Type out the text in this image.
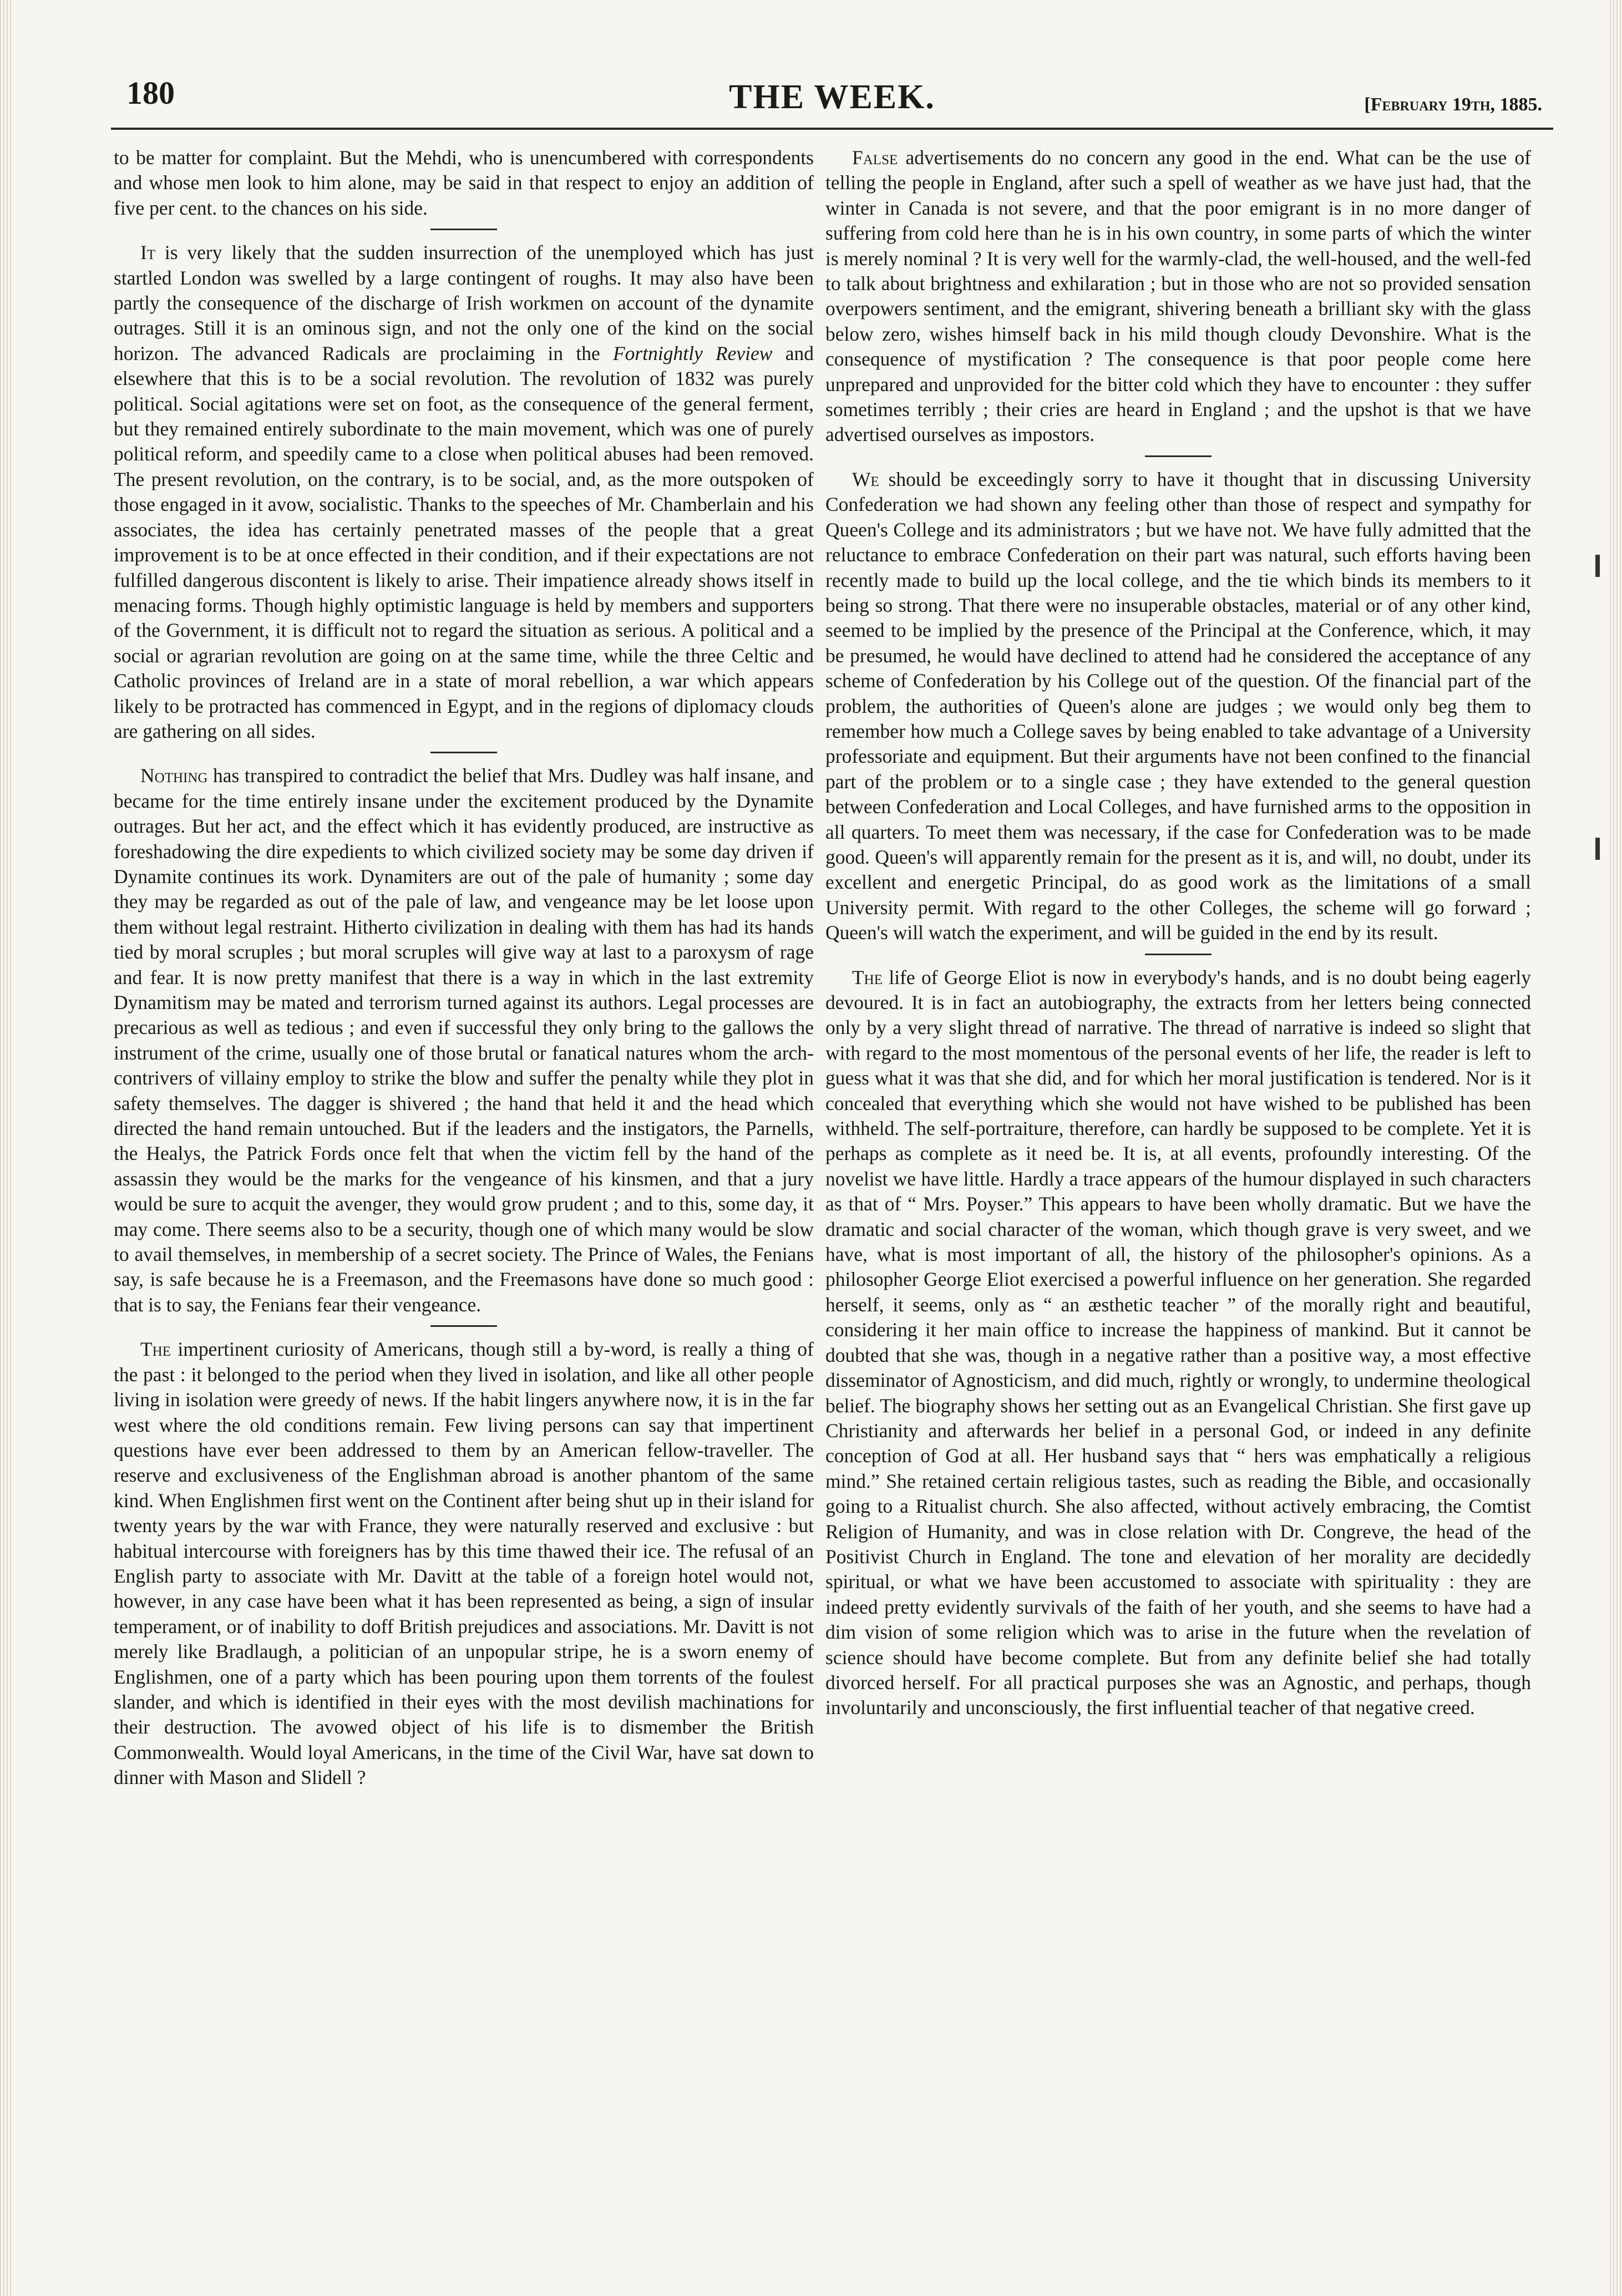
180	THE WEEK.	[February 19th, 1885.

to be matter for complaint. But the Mehdi, who is unencumbered with correspondents and whose men look to him alone, may be said in that respect to enjoy an addition of five per cent. to the chances on his side.

It is very likely that the sudden insurrection of the unemployed which has just startled London was swelled by a large contingent of roughs. It may also have been partly the consequence of the discharge of Irish workmen on account of the dynamite outrages. Still it is an ominous sign, and not the only one of the kind on the social horizon. The advanced Radicals are proclaiming in the Fortnightly Review and elsewhere that this is to be a social revolution. The revolution of 1832 was purely political. Social agitations were set on foot, as the consequence of the general ferment, but they remained entirely subordinate to the main movement, which was one of purely political reform, and speedily came to a close when political abuses had been removed. The present revolution, on the contrary, is to be social, and, as the more outspoken of those engaged in it avow, socialistic. Thanks to the speeches of Mr. Chamberlain and his associates, the idea has certainly penetrated masses of the people that a great improvement is to be at once effected in their condition, and if their expectations are not fulfilled dangerous discontent is likely to arise. Their impatience already shows itself in menacing forms. Though highly optimistic language is held by members and supporters of the Government, it is difficult not to regard the situation as serious. A political and a social or agrarian revolution are going on at the same time, while the three Celtic and Catholic provinces of Ireland are in a state of moral rebellion, a war which appears likely to be protracted has commenced in Egypt, and in the regions of diplomacy clouds are gathering on all sides.

Nothing has transpired to contradict the belief that Mrs. Dudley was half insane, and became for the time entirely insane under the excitement produced by the Dynamite outrages. But her act, and the effect which it has evidently produced, are instructive as foreshadowing the dire expedients to which civilized society may be some day driven if Dynamite continues its work. Dynamiters are out of the pale of humanity ; some day they may be regarded as out of the pale of law, and vengeance may be let loose upon them without legal restraint. Hitherto civilization in dealing with them has had its hands tied by moral scruples ; but moral scruples will give way at last to a paroxysm of rage and fear. It is now pretty manifest that there is a way in which in the last extremity Dynamitism may be mated and terrorism turned against its authors. Legal processes are precarious as well as tedious ; and even if successful they only bring to the gallows the instrument of the crime, usually one of those brutal or fanatical natures whom the arch-contrivers of villainy employ to strike the blow and suffer the penalty while they plot in safety themselves. The dagger is shivered ; the hand that held it and the head which directed the hand remain untouched. But if the leaders and the instigators, the Parnells, the Healys, the Patrick Fords once felt that when the victim fell by the hand of the assassin they would be the marks for the vengeance of his kinsmen, and that a jury would be sure to acquit the avenger, they would grow prudent ; and to this, some day, it may come. There seems also to be a security, though one of which many would be slow to avail themselves, in membership of a secret society. The Prince of Wales, the Fenians say, is safe because he is a Freemason, and the Freemasons have done so much good : that is to say, the Fenians fear their vengeance.

The impertinent curiosity of Americans, though still a by-word, is really a thing of the past : it belonged to the period when they lived in isolation, and like all other people living in isolation were greedy of news. If the habit lingers anywhere now, it is in the far west where the old conditions remain. Few living persons can say that impertinent questions have ever been addressed to them by an American fellow-traveller. The reserve and exclusiveness of the Englishman abroad is another phantom of the same kind. When Englishmen first went on the Continent after being shut up in their island for twenty years by the war with France, they were naturally reserved and exclusive : but habitual intercourse with foreigners has by this time thawed their ice. The refusal of an English party to associate with Mr. Davitt at the table of a foreign hotel would not, however, in any case have been what it has been represented as being, a sign of insular temperament, or of inability to doff British prejudices and associations. Mr. Davitt is not merely like Bradlaugh, a politician of an unpopular stripe, he is a sworn enemy of Englishmen, one of a party which has been pouring upon them torrents of the foulest slander, and which is identified in their eyes with the most devilish machinations for their destruction. The avowed object of his life is to dismember the British Commonwealth. Would loyal Americans, in the time of the Civil War, have sat down to dinner with Mason and Slidell ?

False advertisements do no concern any good in the end. What can be the use of telling the people in England, after such a spell of weather as we have just had, that the winter in Canada is not severe, and that the poor emigrant is in no more danger of suffering from cold here than he is in his own country, in some parts of which the winter is merely nominal ? It is very well for the warmly-clad, the well-housed, and the well-fed to talk about brightness and exhilaration ; but in those who are not so provided sensation overpowers sentiment, and the emigrant, shivering beneath a brilliant sky with the glass below zero, wishes himself back in his mild though cloudy Devonshire. What is the consequence of mystification ? The consequence is that poor people come here unprepared and unprovided for the bitter cold which they have to encounter : they suffer sometimes terribly ; their cries are heard in England ; and the upshot is that we have advertised ourselves as impostors.

We should be exceedingly sorry to have it thought that in discussing University Confederation we had shown any feeling other than those of respect and sympathy for Queen's College and its administrators ; but we have not. We have fully admitted that the reluctance to embrace Confederation on their part was natural, such efforts having been recently made to build up the local college, and the tie which binds its members to it being so strong. That there were no insuperable obstacles, material or of any other kind, seemed to be implied by the presence of the Principal at the Conference, which, it may be presumed, he would have declined to attend had he considered the acceptance of any scheme of Confederation by his College out of the question. Of the financial part of the problem, the authorities of Queen's alone are judges ; we would only beg them to remember how much a College saves by being enabled to take advantage of a University professoriate and equipment. But their arguments have not been confined to the financial part of the problem or to a single case ; they have extended to the general question between Confederation and Local Colleges, and have furnished arms to the opposition in all quarters. To meet them was necessary, if the case for Confederation was to be made good. Queen's will apparently remain for the present as it is, and will, no doubt, under its excellent and energetic Principal, do as good work as the limitations of a small University permit. With regard to the other Colleges, the scheme will go forward ; Queen's will watch the experiment, and will be guided in the end by its result.

The life of George Eliot is now in everybody's hands, and is no doubt being eagerly devoured. It is in fact an autobiography, the extracts from her letters being connected only by a very slight thread of narrative. The thread of narrative is indeed so slight that with regard to the most momentous of the personal events of her life, the reader is left to guess what it was that she did, and for which her moral justification is tendered. Nor is it concealed that everything which she would not have wished to be published has been withheld. The self-portraiture, therefore, can hardly be supposed to be complete. Yet it is perhaps as complete as it need be. It is, at all events, profoundly interesting. Of the novelist we have little. Hardly a trace appears of the humour displayed in such characters as that of “ Mrs. Poyser.” This appears to have been wholly dramatic. But we have the dramatic and social character of the woman, which though grave is very sweet, and we have, what is most important of all, the history of the philosopher's opinions. As a philosopher George Eliot exercised a powerful influence on her generation. She regarded herself, it seems, only as “ an æsthetic teacher ” of the morally right and beautiful, considering it her main office to increase the happiness of mankind. But it cannot be doubted that she was, though in a negative rather than a positive way, a most effective disseminator of Agnosticism, and did much, rightly or wrongly, to undermine theological belief. The biography shows her setting out as an Evangelical Christian. She first gave up Christianity and afterwards her belief in a personal God, or indeed in any definite conception of God at all. Her husband says that “ hers was emphatically a religious mind.” She retained certain religious tastes, such as reading the Bible, and occasionally going to a Ritualist church. She also affected, without actively embracing, the Comtist Religion of Humanity, and was in close relation with Dr. Congreve, the head of the Positivist Church in England. The tone and elevation of her morality are decidedly spiritual, or what we have been accustomed to associate with spirituality : they are indeed pretty evidently survivals of the faith of her youth, and she seems to have had a dim vision of some religion which was to arise in the future when the revelation of science should have become complete. But from any definite belief she had totally divorced herself. For all practical purposes she was an Agnostic, and perhaps, though involuntarily and unconsciously, the first influential teacher of that negative creed.
